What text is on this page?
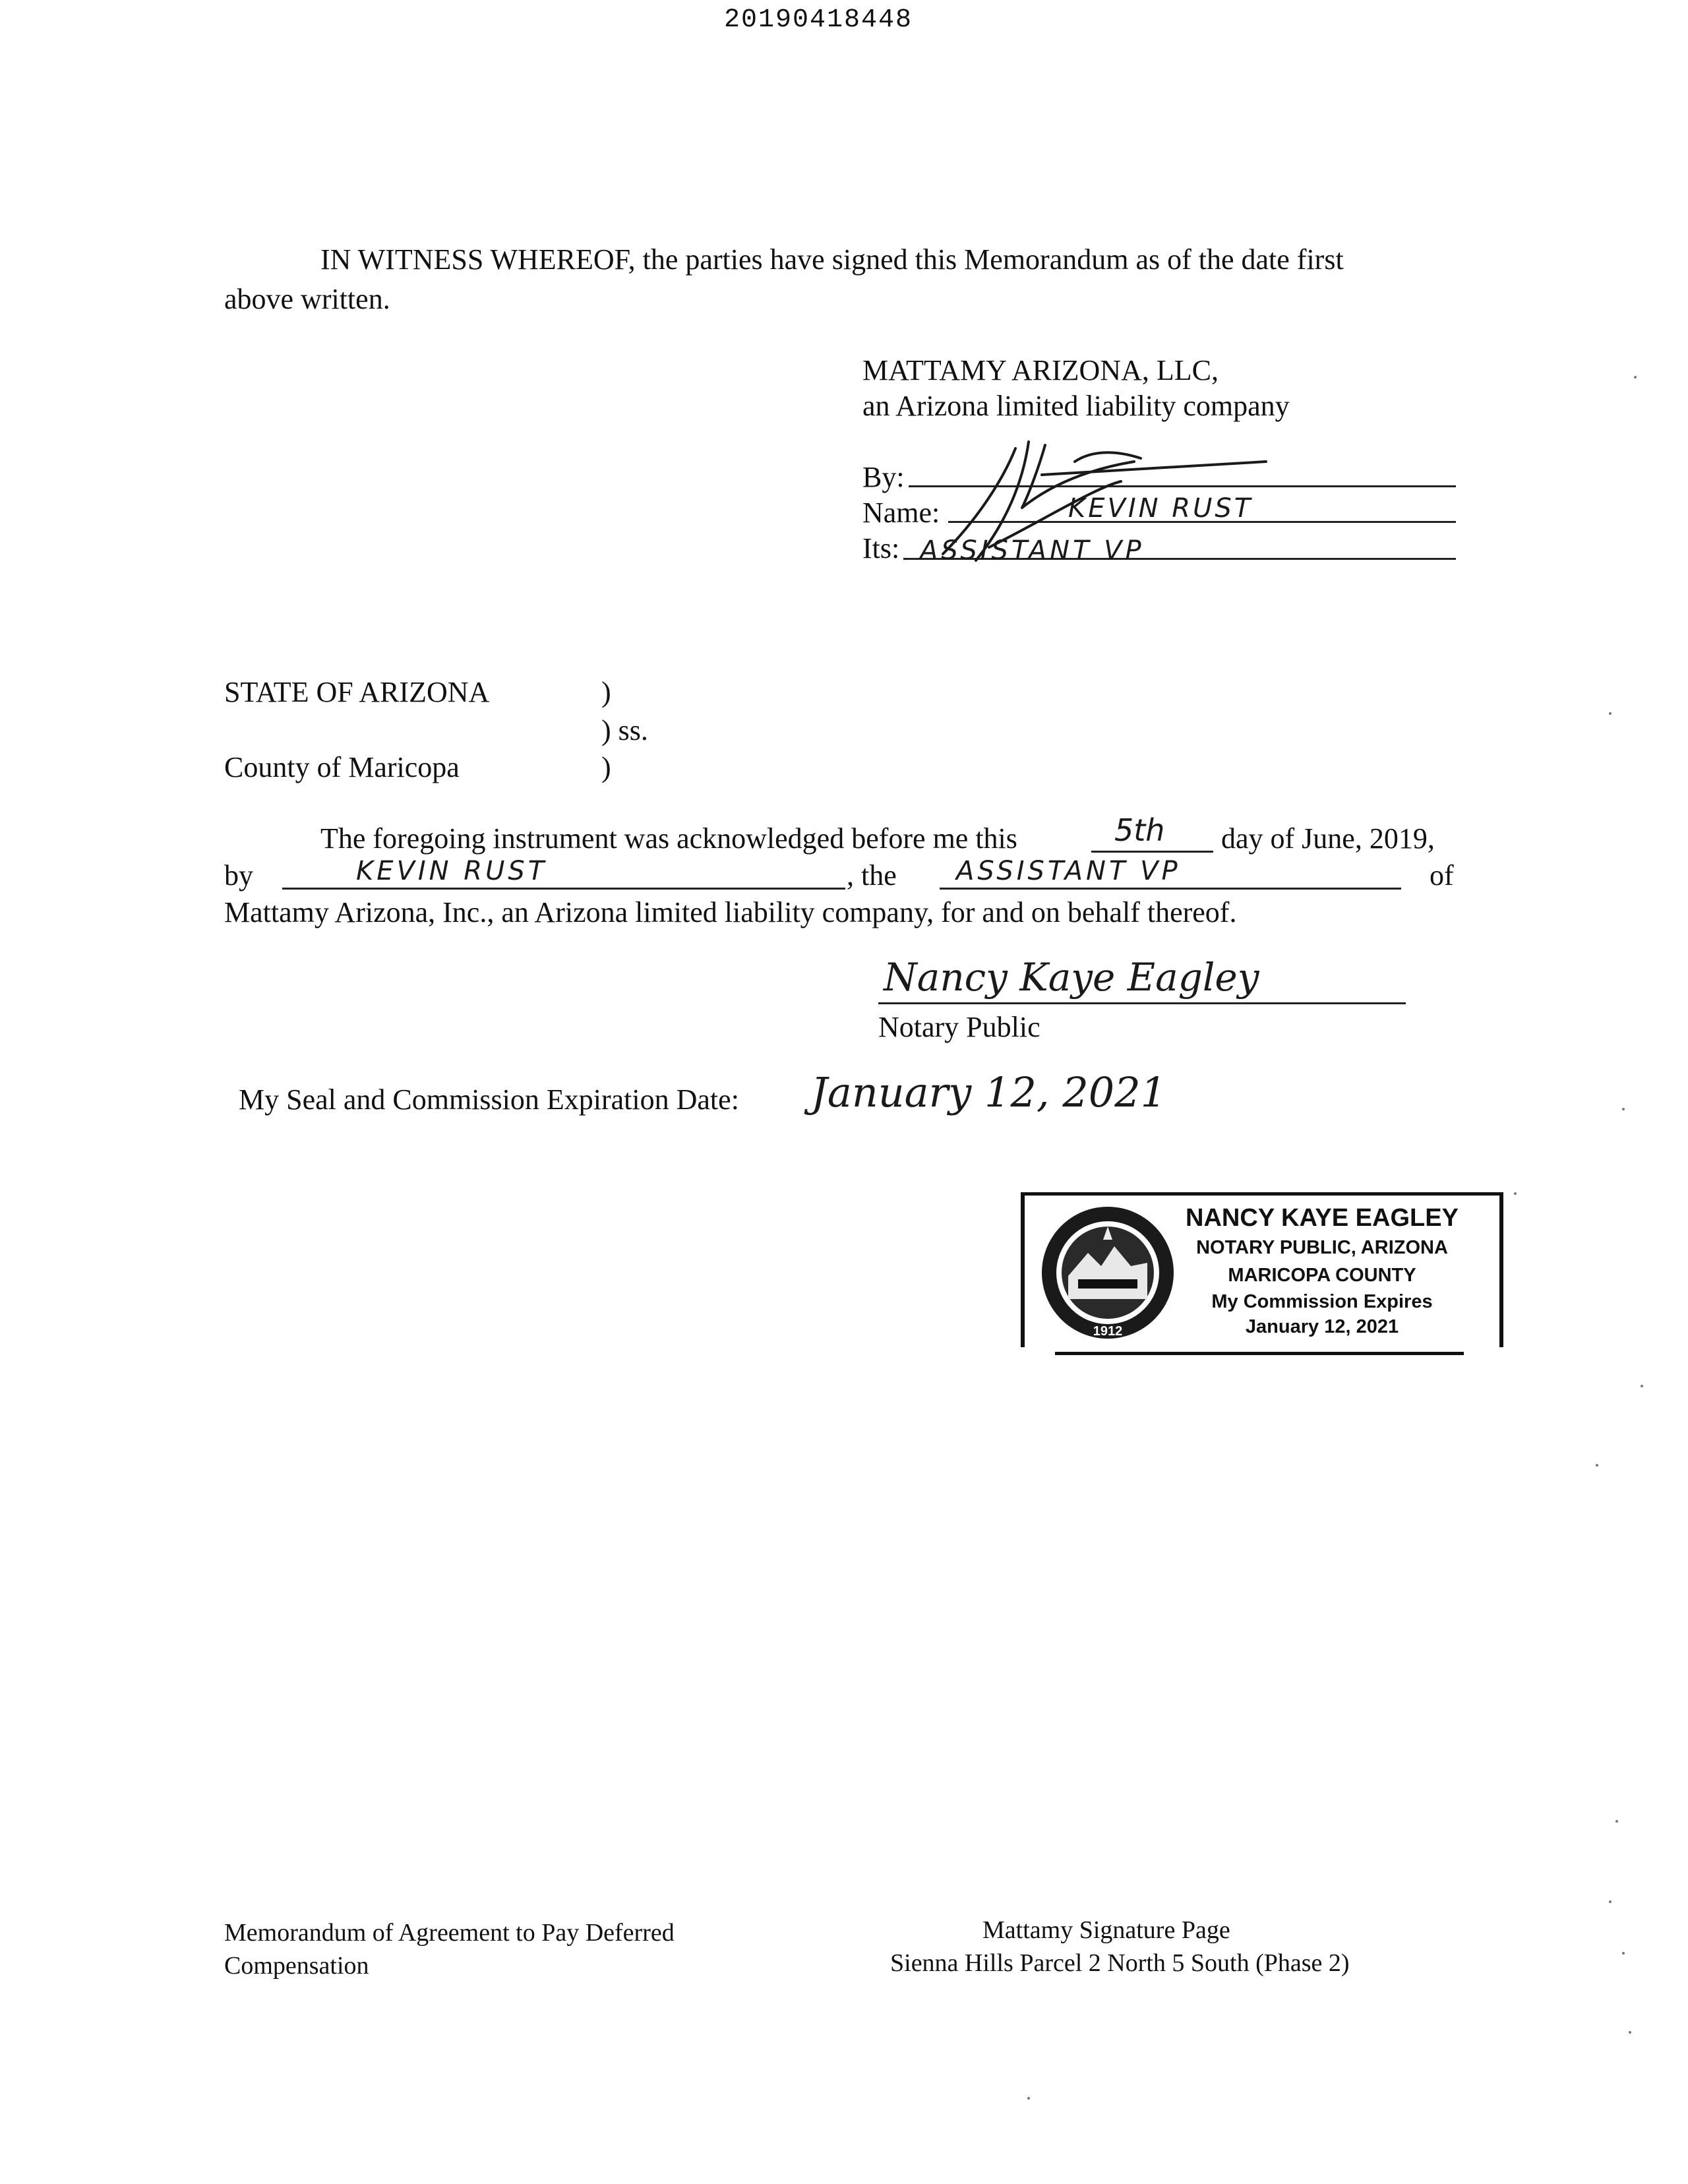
20190418448
IN WITNESS WHEREOF, the parties have signed this Memorandum as of the date first
above written.
MATTAMY ARIZONA, LLC,
an Arizona limited liability company
By:
Name:	KEVIN RUST
Its: ASSISTANT VP
STATE OF ARIZONA	)
) ss.
County of Maricopa	)
The foregoing instrument was acknowledged before me this	5th day of June, 2019,
by	KEVIN RUST	, the ASSISTANT VP	of
Mattamy Arizona, Inc., an Arizona limited liability company, for and on behalf thereof.
Nancy Kaye Eagley
Notary Public
My Seal and Commission Expiration Date: January 12, 2021
1912
NANCY KAYE EAGLEY
NOTARY PUBLIC, ARIZONA
MARICOPA COUNTY
My Commission Expires
January 12, 2021
Memorandum of Agreement to Pay Deferred
Compensation
Mattamy Signature Page
Sienna Hills Parcel 2 North 5 South (Phase 2)
